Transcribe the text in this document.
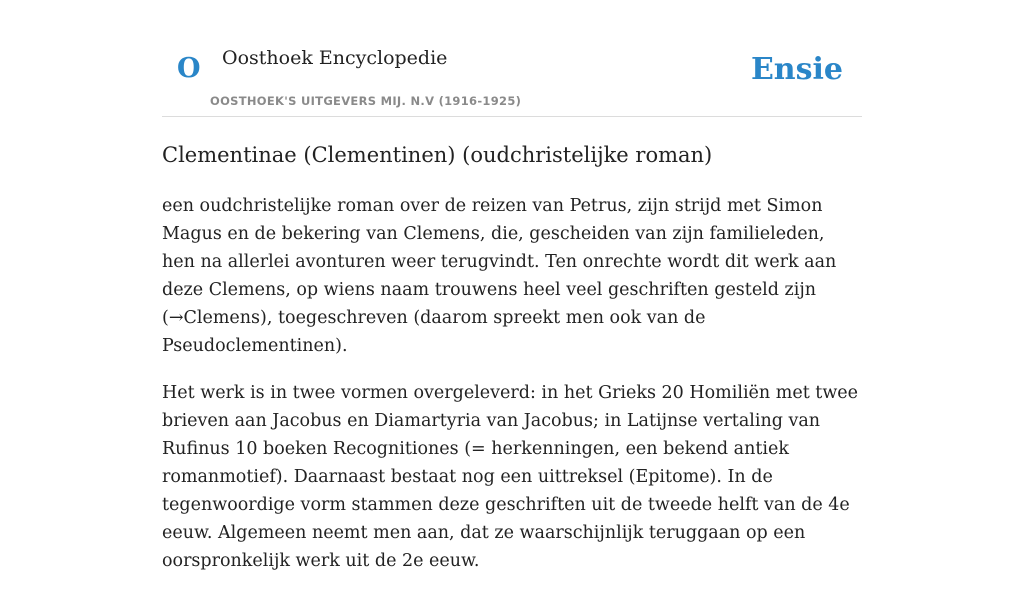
O Oosthoek Encyclopedie
OOSTHOEK'S UITGEVERS MIJ. N.V (1916-1925)
Ensie
Clementinae (Clementinen) (oudchristelijke roman)

een oudchristelijke roman over de reizen van Petrus, zijn strijd met Simon Magus en de bekering van Clemens, die, gescheiden van zijn familieleden, hen na allerlei avonturen weer terugvindt. Ten onrechte wordt dit werk aan deze Clemens, op wiens naam trouwens heel veel geschriften gesteld zijn (→Clemens), toegeschreven (daarom spreekt men ook van de Pseudoclementinen).

Het werk is in twee vormen overgeleverd: in het Grieks 20 Homiliën met twee brieven aan Jacobus en Diamartyria van Jacobus; in Latijnse vertaling van Rufinus 10 boeken Recognitiones (= herkenningen, een bekend antiek romanmotief). Daarnaast bestaat nog een uittreksel (Epitome). In de tegenwoordige vorm stammen deze geschriften uit de tweede helft van de 4e eeuw. Algemeen neemt men aan, dat ze waarschijnlijk teruggaan op een oorspronkelijk werk uit de 2e eeuw.
